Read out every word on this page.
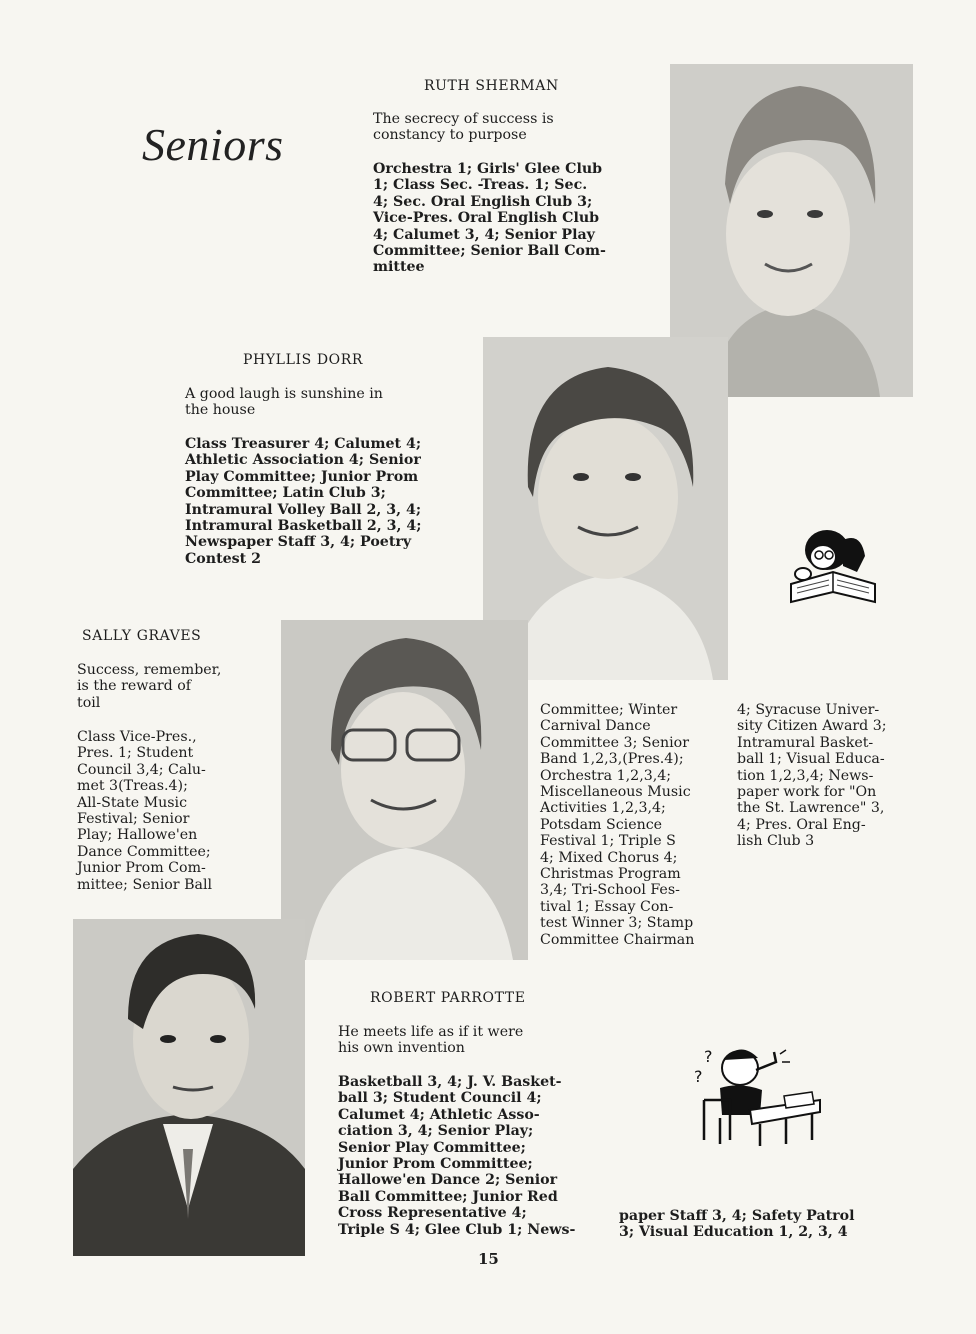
Seniors
RUTH SHERMAN
The secrecy of success is
constancy to purpose
Orchestra 1; Girls' Glee Club
1; Class Sec. -Treas. 1; Sec.
4; Sec. Oral English Club 3;
Vice-Pres. Oral English Club
4; Calumet 3, 4; Senior Play
Committee; Senior Ball Com-
mittee
PHYLLIS DORR
A good laugh is sunshine in
the house
Class Treasurer 4; Calumet 4;
Athletic Association 4; Senior
Play Committee; Junior Prom
Committee; Latin Club 3;
Intramural Volley Ball 2, 3, 4;
Intramural Basketball 2, 3, 4;
Newspaper Staff 3, 4; Poetry
Contest 2
SALLY GRAVES
Success, remember,
is the reward of
toil
Class Vice-Pres.,
Pres. 1; Student
Council 3,4; Calu-
met 3(Treas.4);
All-State Music
Festival; Senior
Play; Hallowe'en
Dance Committee;
Junior Prom Com-
mittee; Senior Ball
Committee; Winter
Carnival Dance
Committee 3; Senior
Band 1,2,3,(Pres.4);
Orchestra 1,2,3,4;
Miscellaneous Music
Activities 1,2,3,4;
Potsdam Science
Festival 1; Triple S
4; Mixed Chorus 4;
Christmas Program
3,4; Tri-School Fes-
tival 1; Essay Con-
test Winner 3; Stamp
Committee Chairman
4; Syracuse Univer-
sity Citizen Award 3;
Intramural Basket-
ball 1; Visual Educa-
tion 1,2,3,4; News-
paper work for "On
the St. Lawrence" 3,
4; Pres. Oral Eng-
lish Club 3
ROBERT PARROTTE
He meets life as if it were
his own invention
Basketball 3, 4; J. V. Basket-
ball 3; Student Council 4;
Calumet 4; Athletic Asso-
ciation 3, 4; Senior Play;
Senior Play Committee;
Junior Prom Committee;
Hallowe'en Dance 2; Senior
Ball Committee; Junior Red
Cross Representative 4;
Triple S 4; Glee Club 1; News-
paper Staff 3, 4; Safety Patrol
3; Visual Education 1, 2, 3, 4
?
?
15
